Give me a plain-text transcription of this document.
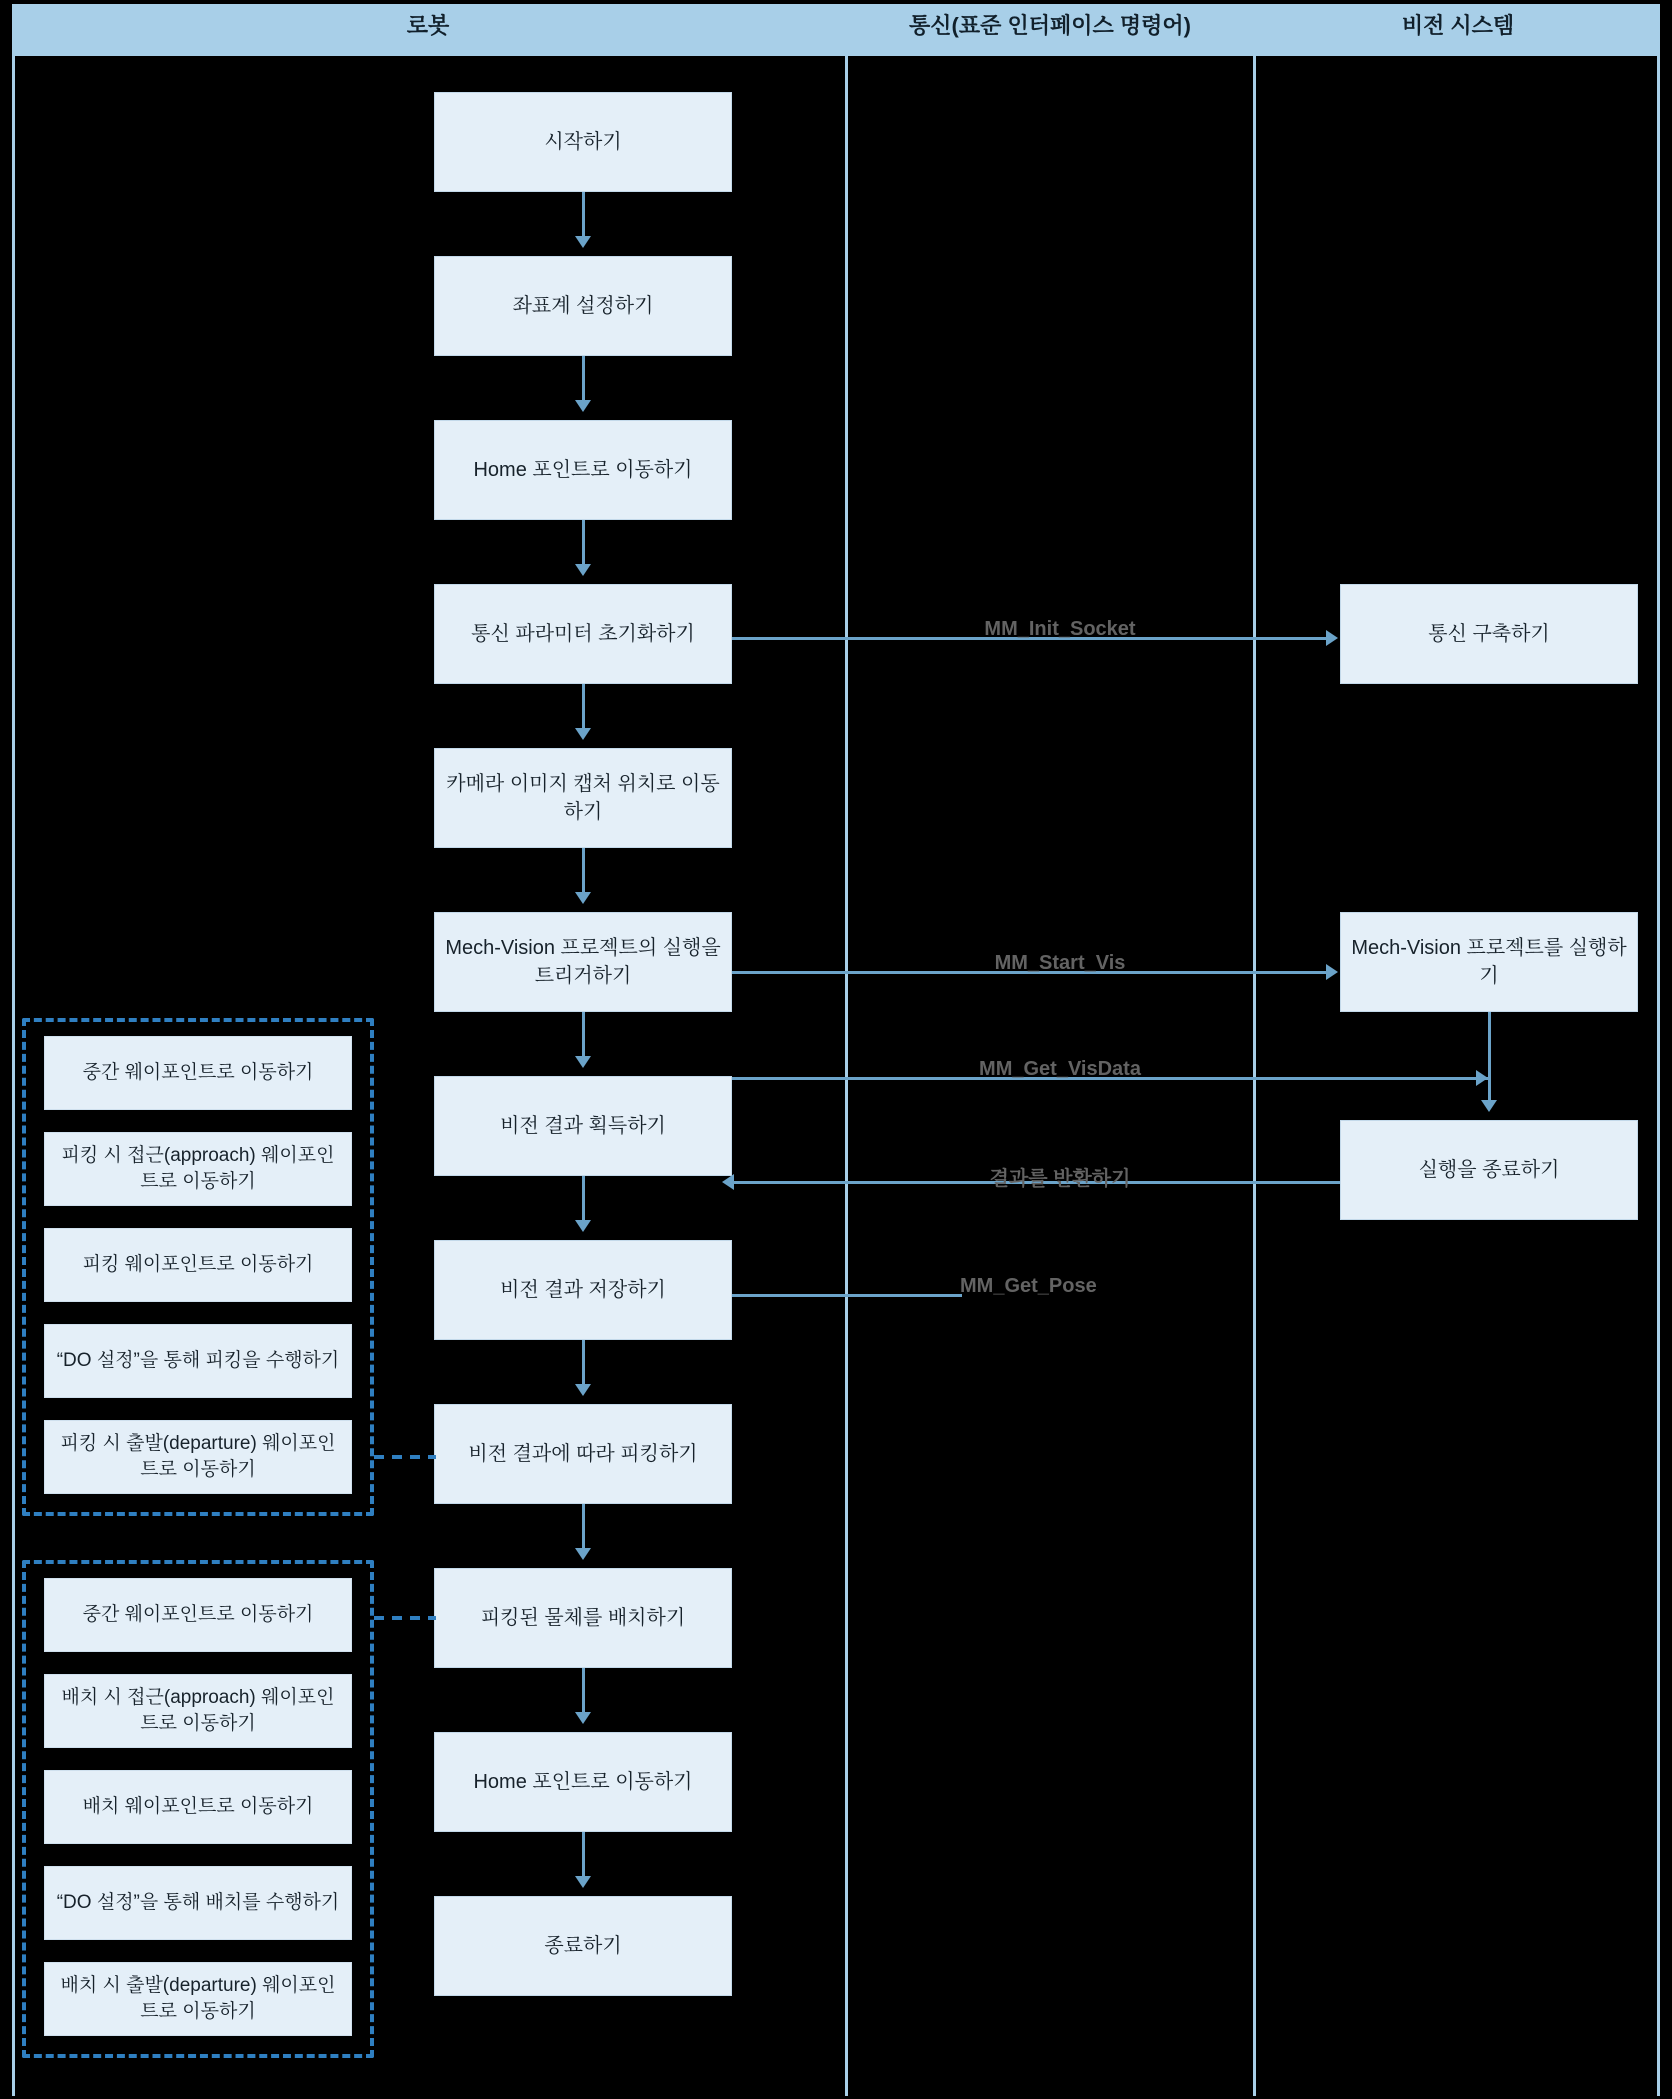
로봇	통신(표준 인터페이스 명령어)	비전 시스템
시작하기
좌표계 설정하기
Home 포인트로 이동하기
통신 파라미터 초기화하기
카메라 이미지 캡처 위치로 이동하기
Mech-Vision 프로젝트의 실행을 트리거하기
비전 결과 획득하기
비전 결과 저장하기
비전 결과에 따라 피킹하기
피킹된 물체를 배치하기
Home 포인트로 이동하기
종료하기
통신 구축하기
Mech-Vision 프로젝트를 실행하기
실행을 종료하기
MM_Init_Socket
MM_Start_Vis
MM_Get_VisData
결과를 반환하기
MM_Get_Pose
중간 웨이포인트로 이동하기
피킹 시 접근(approach) 웨이포인트로 이동하기
피킹 웨이포인트로 이동하기
“DO 설정”을 통해 피킹을 수행하기
피킹 시 출발(departure) 웨이포인트로 이동하기
중간 웨이포인트로 이동하기
배치 시 접근(approach) 웨이포인트로 이동하기
배치 웨이포인트로 이동하기
“DO 설정”을 통해 배치를 수행하기
배치 시 출발(departure) 웨이포인트로 이동하기
